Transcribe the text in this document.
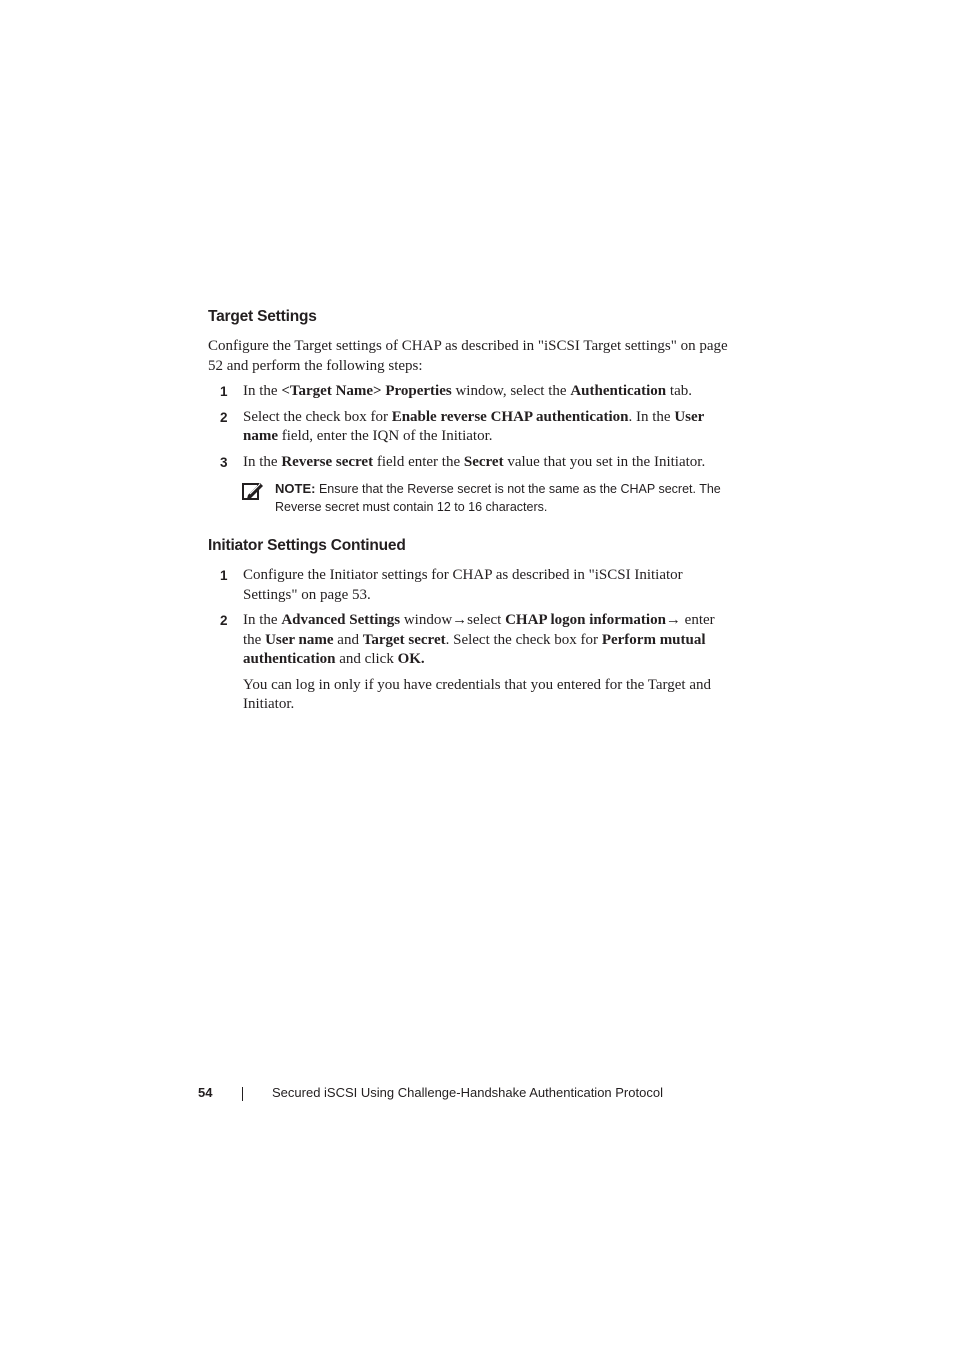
Target Settings

Configure the Target settings of CHAP as described in "iSCSI Target settings" on page 52 and perform the following steps:

1 In the <Target Name> Properties window, select the Authentication tab.
2 Select the check box for Enable reverse CHAP authentication. In the User name field, enter the IQN of the Initiator.
3 In the Reverse secret field enter the Secret value that you set in the Initiator.
NOTE: Ensure that the Reverse secret is not the same as the CHAP secret. The Reverse secret must contain 12 to 16 characters.
Initiator Settings Continued
1 Configure the Initiator settings for CHAP as described in "iSCSI Initiator Settings" on page 53.
2 In the Advanced Settings window→select CHAP logon information→ enter the User name and Target secret. Select the check box for Perform mutual authentication and click OK.

You can log in only if you have credentials that you entered for the Target and Initiator.

54	Secured iSCSI Using Challenge-Handshake Authentication Protocol
